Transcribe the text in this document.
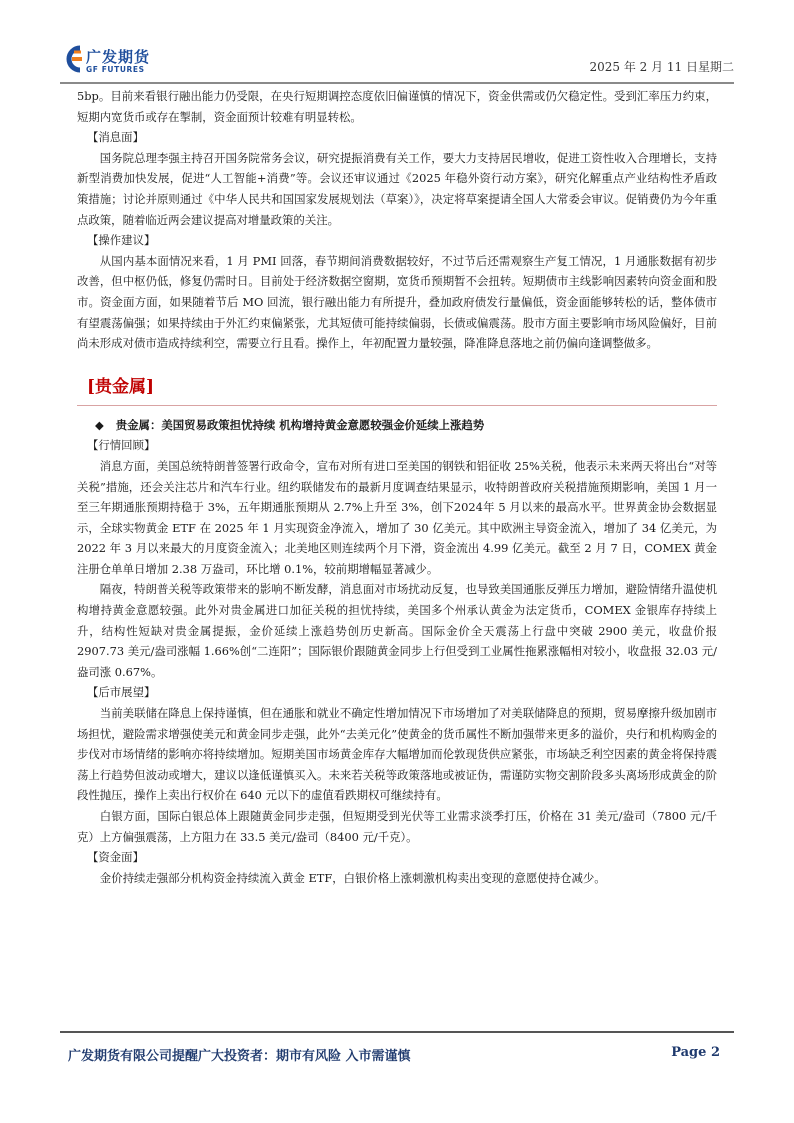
广发期货
GF FUTURES	2025 年 2 月 11 日星期二

5bp。目前来看银行融出能力仍受限，在央行短期调控态度依旧偏谨慎的情况下，资金供需或仍欠稳定性。受到汇率压力约束，短期内宽货币或存在掣制，资金面预计较难有明显转松。

【消息面】

国务院总理李强主持召开国务院常务会议，研究提振消费有关工作，要大力支持居民增收，促进工资性收入合理增长，支持新型消费加快发展，促进“人工智能+消费”等。会议还审议通过《2025 年稳外资行动方案》，研究化解重点产业结构性矛盾政策措施；讨论并原则通过《中华人民共和国国家发展规划法（草案）》，决定将草案提请全国人大常委会审议。促销费仍为今年重点政策，随着临近两会建议提高对增量政策的关注。

【操作建议】

从国内基本面情况来看，1 月 PMI 回落，春节期间消费数据较好，不过节后还需观察生产复工情况，1 月通胀数据有初步改善，但中枢仍低，修复仍需时日。目前处于经济数据空窗期，宽货币预期暂不会扭转。短期债市主线影响因素转向资金面和股市。资金面方面，如果随着节后 MO 回流，银行融出能力有所提升，叠加政府债发行量偏低，资金面能够转松的话，整体债市有望震荡偏强；如果持续由于外汇约束偏紧张，尤其短债可能持续偏弱，长债或偏震荡。股市方面主要影响市场风险偏好，目前尚未形成对债市造成持续利空，需要立行且看。操作上，年初配置力量较强，降准降息落地之前仍偏向逢调整做多。

[贵金属]

◆ 贵金属：美国贸易政策担忧持续 机构增持黄金意愿较强金价延续上涨趋势

【行情回顾】

消息方面，美国总统特朗普签署行政命令，宣布对所有进口至美国的钢铁和铝征收 25%关税，他表示未来两天将出台“对等关税”措施，还会关注芯片和汽车行业。纽约联储发布的最新月度调查结果显示，收特朗普政府关税措施预期影响，美国 1 月一至三年期通胀预期持稳于 3%，五年期通胀预期从 2.7%上升至 3%，创下2024年 5 月以来的最高水平。世界黄金协会数据显示，全球实物黄金 ETF 在 2025 年 1 月实现资金净流入，增加了 30 亿美元。其中欧洲主导资金流入，增加了 34 亿美元，为 2022 年 3 月以来最大的月度资金流入；北美地区则连续两个月下滑，资金流出 4.99 亿美元。截至 2 月 7 日，COMEX 黄金注册仓单单日增加 2.38 万盎司，环比增 0.1%，较前期增幅显著减少。

隔夜，特朗普关税等政策带来的影响不断发酵，消息面对市场扰动反复，也导致美国通胀反弹压力增加，避险情绪升温使机构增持黄金意愿较强。此外对贵金属进口加征关税的担忧持续，美国多个州承认黄金为法定货币，COMEX 金银库存持续上升，结构性短缺对贵金属提振，金价延续上涨趋势创历史新高。国际金价全天震荡上行盘中突破 2900 美元，收盘价报 2907.73 美元/盎司涨幅 1.66%创“二连阳”；国际银价跟随黄金同步上行但受到工业属性拖累涨幅相对较小，收盘报 32.03 元/盎司涨 0.67%。

【后市展望】

当前美联储在降息上保持谨慎，但在通胀和就业不确定性增加情况下市场增加了对美联储降息的预期，贸易摩擦升级加剧市场担忧，避险需求增强使美元和黄金同步走强，此外“去美元化”使黄金的货币属性不断加强带来更多的溢价，央行和机构购金的步伐对市场情绪的影响亦将持续增加。短期美国市场黄金库存大幅增加而伦敦现货供应紧张，市场缺乏利空因素的黄金将保持震荡上行趋势但波动或增大，建议以逢低谨慎买入。未来若关税等政策落地或被证伪，需谨防实物交割阶段多头离场形成黄金的阶段性抛压，操作上卖出行权价在 640 元以下的虚值看跌期权可继续持有。

白银方面，国际白银总体上跟随黄金同步走强，但短期受到光伏等工业需求淡季打压，价格在 31 美元/盎司（7800 元/千克）上方偏强震荡，上方阻力在 33.5 美元/盎司（8400 元/千克）。

【资金面】

金价持续走强部分机构资金持续流入黄金 ETF，白银价格上涨刺激机构卖出变现的意愿使持仓减少。

广发期货有限公司提醒广大投资者：期市有风险 入市需谨慎	Page 2
